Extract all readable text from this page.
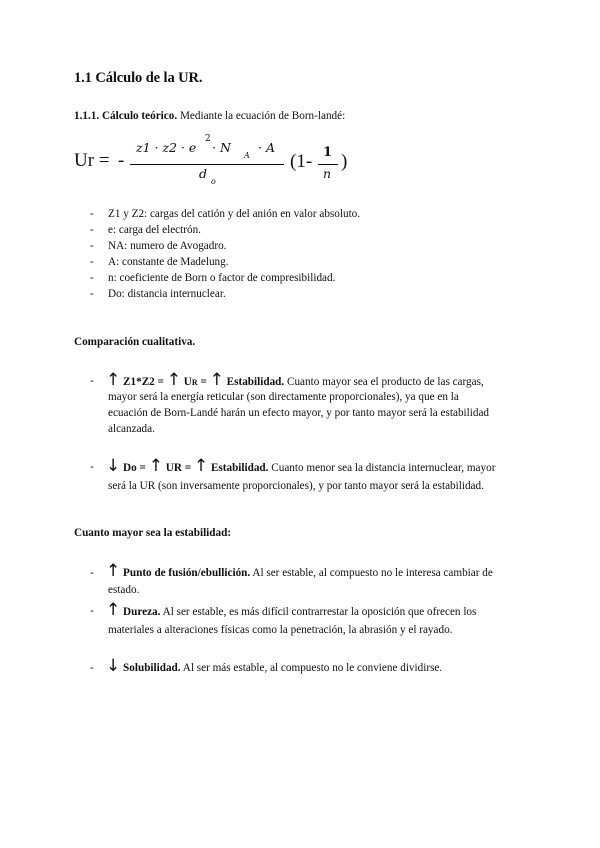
1.1 Cálculo de la UR.
1.1.1. Cálculo teórico. Mediante la ecuación de Born-landé:
Ur = -
z1 · z2 · e
2
· N
A
· A
d
o
(1- 1
n
)
- Z1 y Z2: cargas del catión y del anión en valor absoluto.
- e: carga del electrón.
- NA: numero de Avogadro.
- A: constante de Madelung.
- n: coeficiente de Born o factor de compresibilidad.
- Do: distancia internuclear.
Comparación cualitativa.
- ↑ Z1*Z2 = ↑ UR = ↑ Estabilidad. Cuanto mayor sea el producto de las cargas,
mayor será la energía reticular (son directamente proporcionales), ya que en la
ecuación de Born-Landé harán un efecto mayor, y por tanto mayor será la estabilidad
alcanzada.
- ↓ Do = ↑ UR = ↑ Estabilidad. Cuanto menor sea la distancia internuclear, mayor
será la UR (son inversamente proporcionales), y por tanto mayor será la estabilidad.
Cuanto mayor sea la estabilidad:
- ↑ Punto de fusión/ebullición. Al ser estable, al compuesto no le interesa cambiar de
estado.
- ↑ Dureza. Al ser estable, es más difícil contrarrestar la oposición que ofrecen los
materiales a alteraciones físicas como la penetración, la abrasión y el rayado.
- ↓ Solubilidad. Al ser más estable, al compuesto no le conviene dividirse.
